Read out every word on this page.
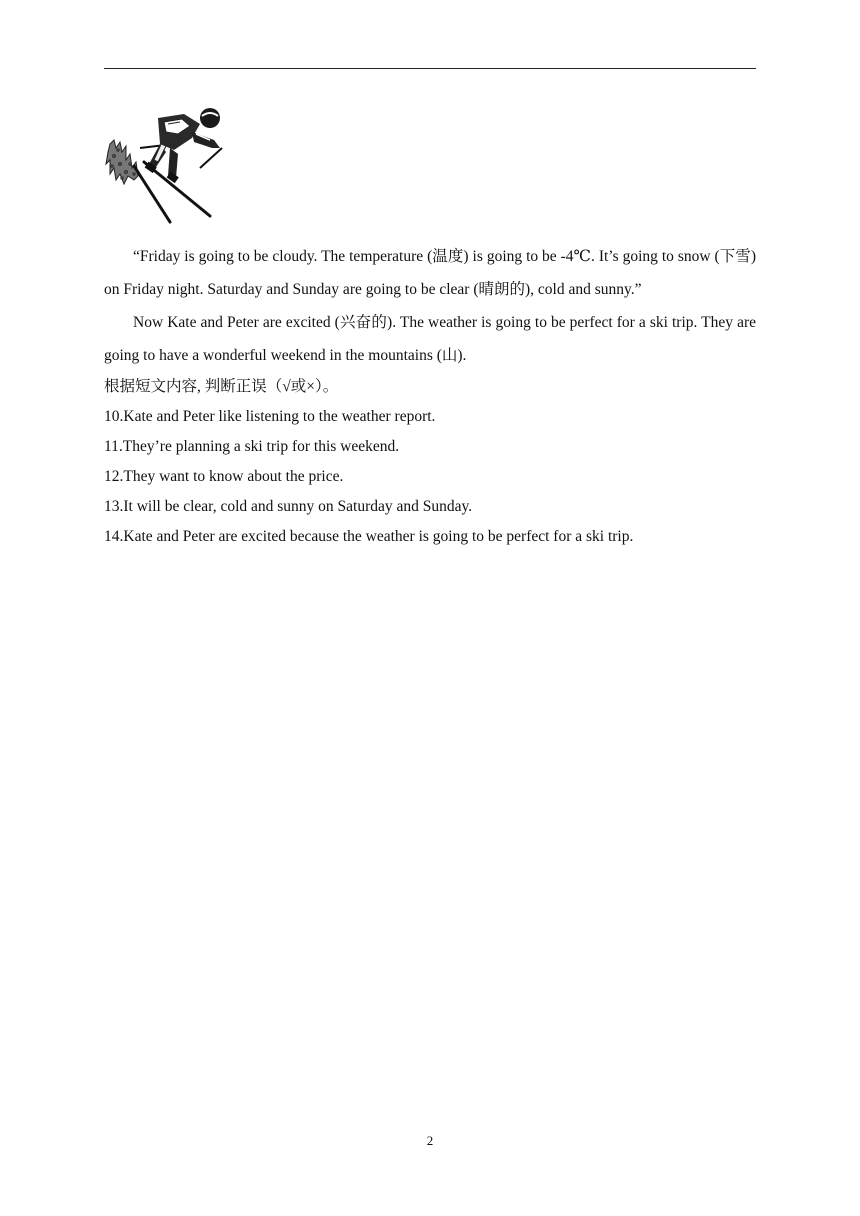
“Friday is going to be cloudy. The temperature (温度) is going to be -4℃. It’s going to snow (下雪) on Friday night. Saturday and Sunday are going to be clear (晴朗的), cold and sunny.”

Now Kate and Peter are excited (兴奋的). The weather is going to be perfect for a ski trip. They are going to have a wonderful weekend in the mountains (山).

根据短文内容, 判断正误（√或×）。

10.Kate and Peter like listening to the weather report.
11.They’re planning a ski trip for this weekend.
12.They want to know about the price.
13.It will be clear, cold and sunny on Saturday and Sunday.
14.Kate and Peter are excited because the weather is going to be perfect for a ski trip.
2
